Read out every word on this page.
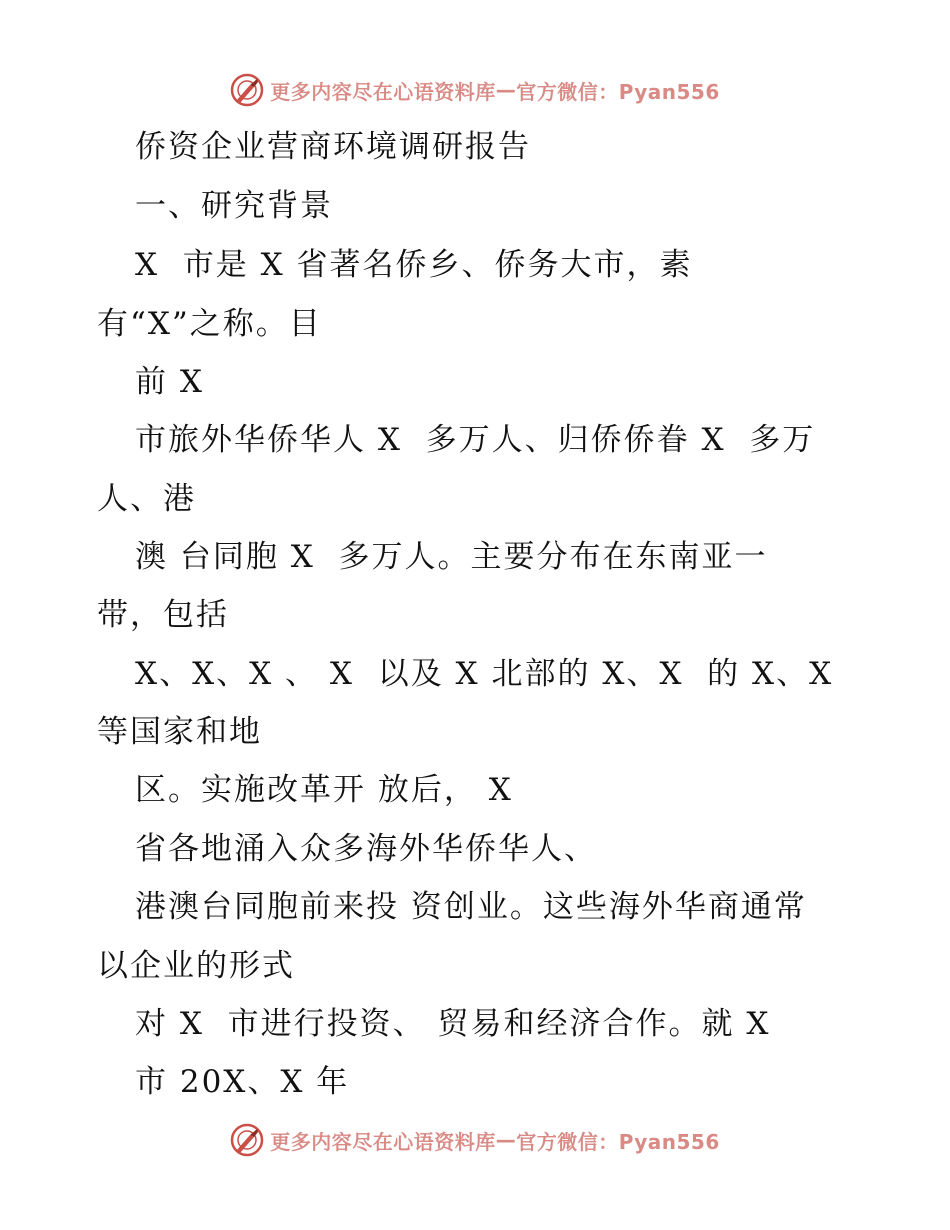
更多内容尽在心语资料库 — 官方微信：Pyan556
侨资企业营商环境调研报告
一、研究背景
X  市是 X 省著名侨乡、侨务大市，素
有“X”之称。目
前 X
市旅外华侨华人 X  多万人、归侨侨眷 X  多万
人、港
澳 台同胞 X  多万人。主要分布在东南亚一
带，包括
X、X、X 、 X  以及 X 北部的 X、X  的 X、X
等国家和地
区。实施改革开 放后， X
省各地涌入众多海外华侨华人、
港澳台同胞前来投 资创业。这些海外华商通常
以企业的形式
对 X  市进行投资、 贸易和经济合作。就 X
市 20X、X 年
更多内容尽在心语资料库 — 官方微信：Pyan556
